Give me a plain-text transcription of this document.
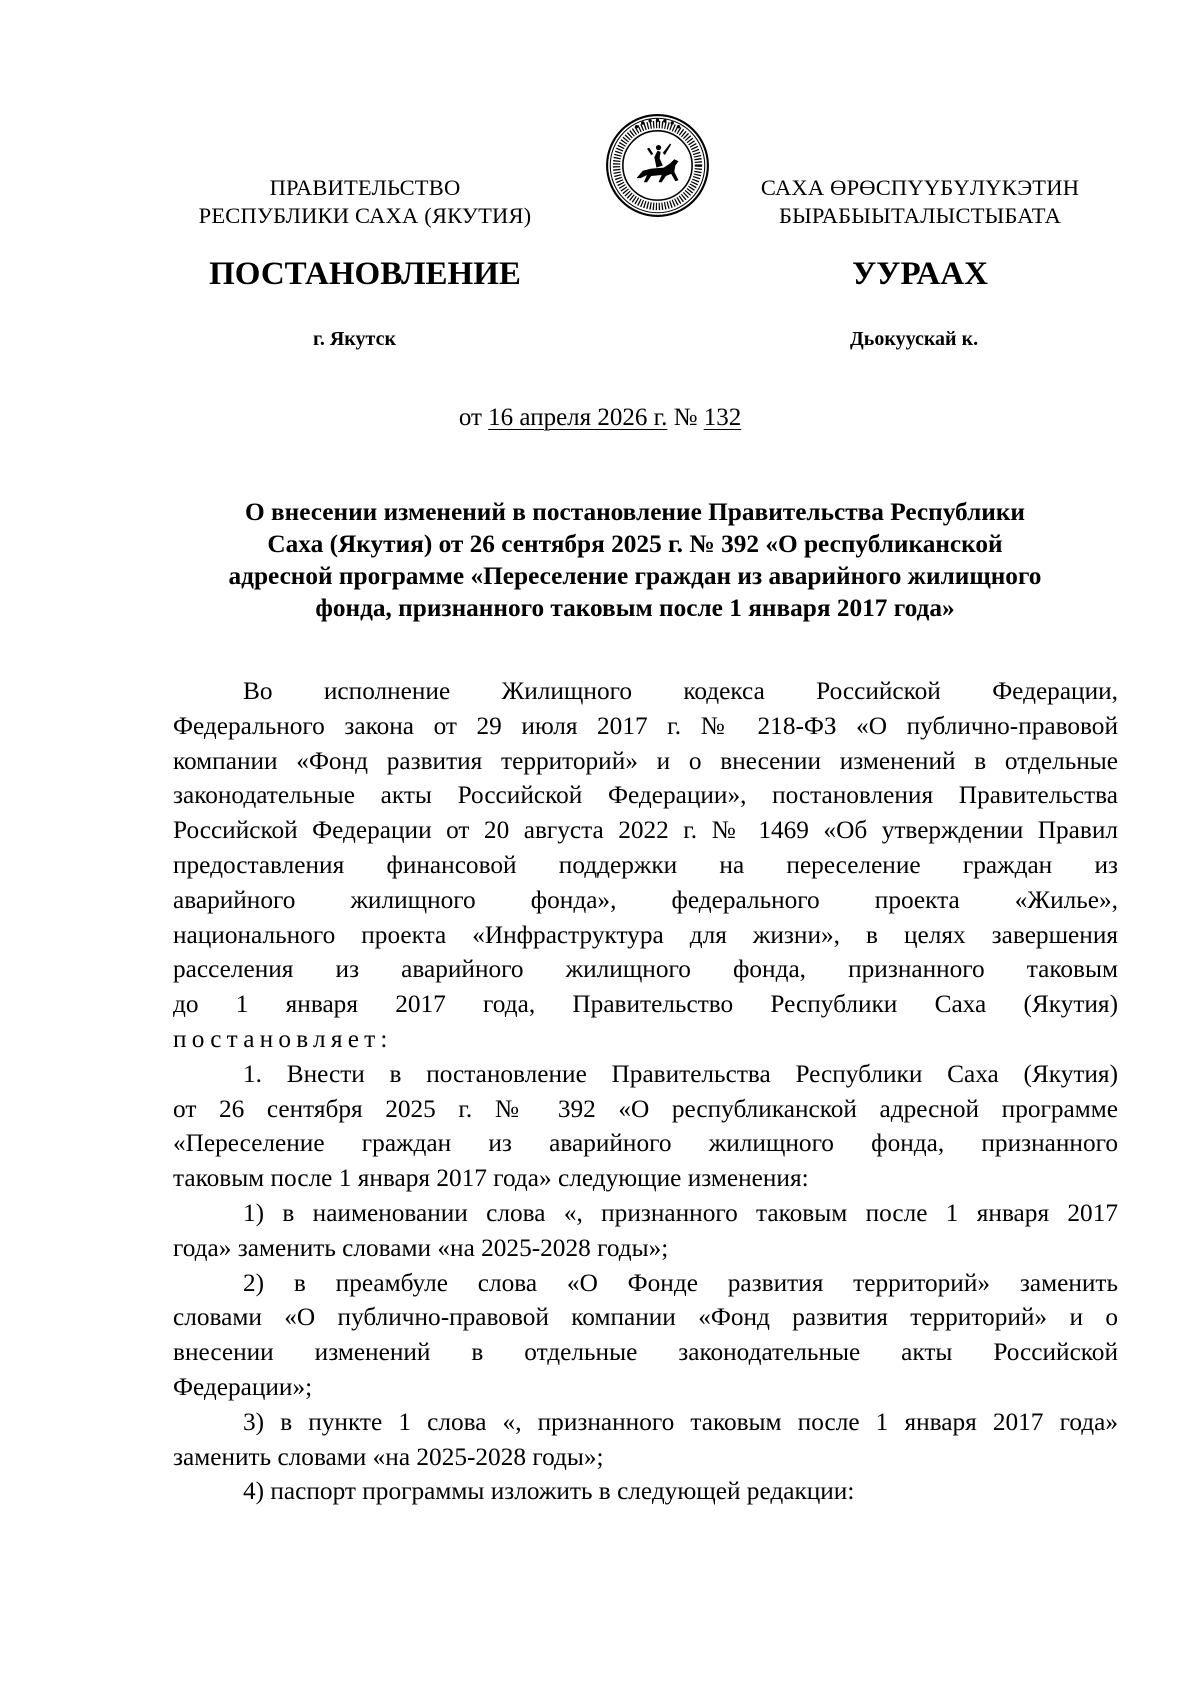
ПРАВИТЕЛЬСТВО
РЕСПУБЛИКИ САХА (ЯКУТИЯ)
САХА ӨРӨСПҮҮБҮЛҮКЭТИН
БЫРАБЫЫТАЛЫСТЫБАТА
ПОСТАНОВЛЕНИЕ	УУРААХ
г. Якутск	Дьокуускай к.
от 16 апреля 2026 г. № 132
О внесении изменений в постановление Правительства Республики
Саха (Якутия) от 26 сентября 2025 г. № 392 «О республиканской
адресной программе «Переселение граждан из аварийного жилищного
фонда, признанного таковым после 1 января 2017 года»
Во исполнение Жилищного кодекса Российской Федерации,
Федерального закона от 29 июля 2017 г. № 218-ФЗ «О публично-правовой
компании «Фонд развития территорий» и о внесении изменений в отдельные
законодательные акты Российской Федерации», постановления Правительства
Российской Федерации от 20 августа 2022 г. № 1469 «Об утверждении Правил
предоставления финансовой поддержки на переселение граждан из
аварийного жилищного фонда», федерального проекта «Жилье»,
национального проекта «Инфраструктура для жизни», в целях завершения
расселения из аварийного жилищного фонда, признанного таковым
до 1 января 2017 года, Правительство Республики Саха (Якутия)
постановляет:
1. Внести в постановление Правительства Республики Саха (Якутия)
от 26 сентября 2025 г. № 392 «О республиканской адресной программе
«Переселение граждан из аварийного жилищного фонда, признанного
таковым после 1 января 2017 года» следующие изменения:
1) в наименовании слова «, признанного таковым после 1 января 2017
года» заменить словами «на 2025-2028 годы»;
2) в преамбуле слова «О Фонде развития территорий» заменить
словами «О публично-правовой компании «Фонд развития территорий» и о
внесении изменений в отдельные законодательные акты Российской
Федерации»;
3) в пункте 1 слова «, признанного таковым после 1 января 2017 года»
заменить словами «на 2025-2028 годы»;
4) паспорт программы изложить в следующей редакции:
